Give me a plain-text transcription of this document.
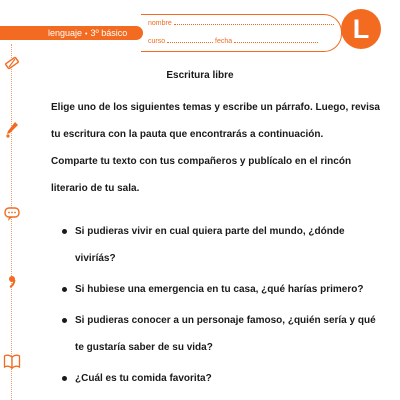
lenguaje • 3º básico
nombre
curso	fecha	L
Escritura libre

Elige uno de los siguientes temas y escribe un párrafo. Luego, revisa

tu escritura con la pauta que encontrarás a continuación.

Comparte tu texto con tus compañeros y publícalo en el rincón

literario de tu sala.

Si pudieras vivir en cual quiera parte del mundo, ¿dónde viviríás?
Si hubiese una emergencia en tu casa, ¿qué harías primero?
Si pudieras conocer a un personaje famoso, ¿quién sería y qué te gustaría saber de su vida?
¿Cuál es tu comida favorita?
